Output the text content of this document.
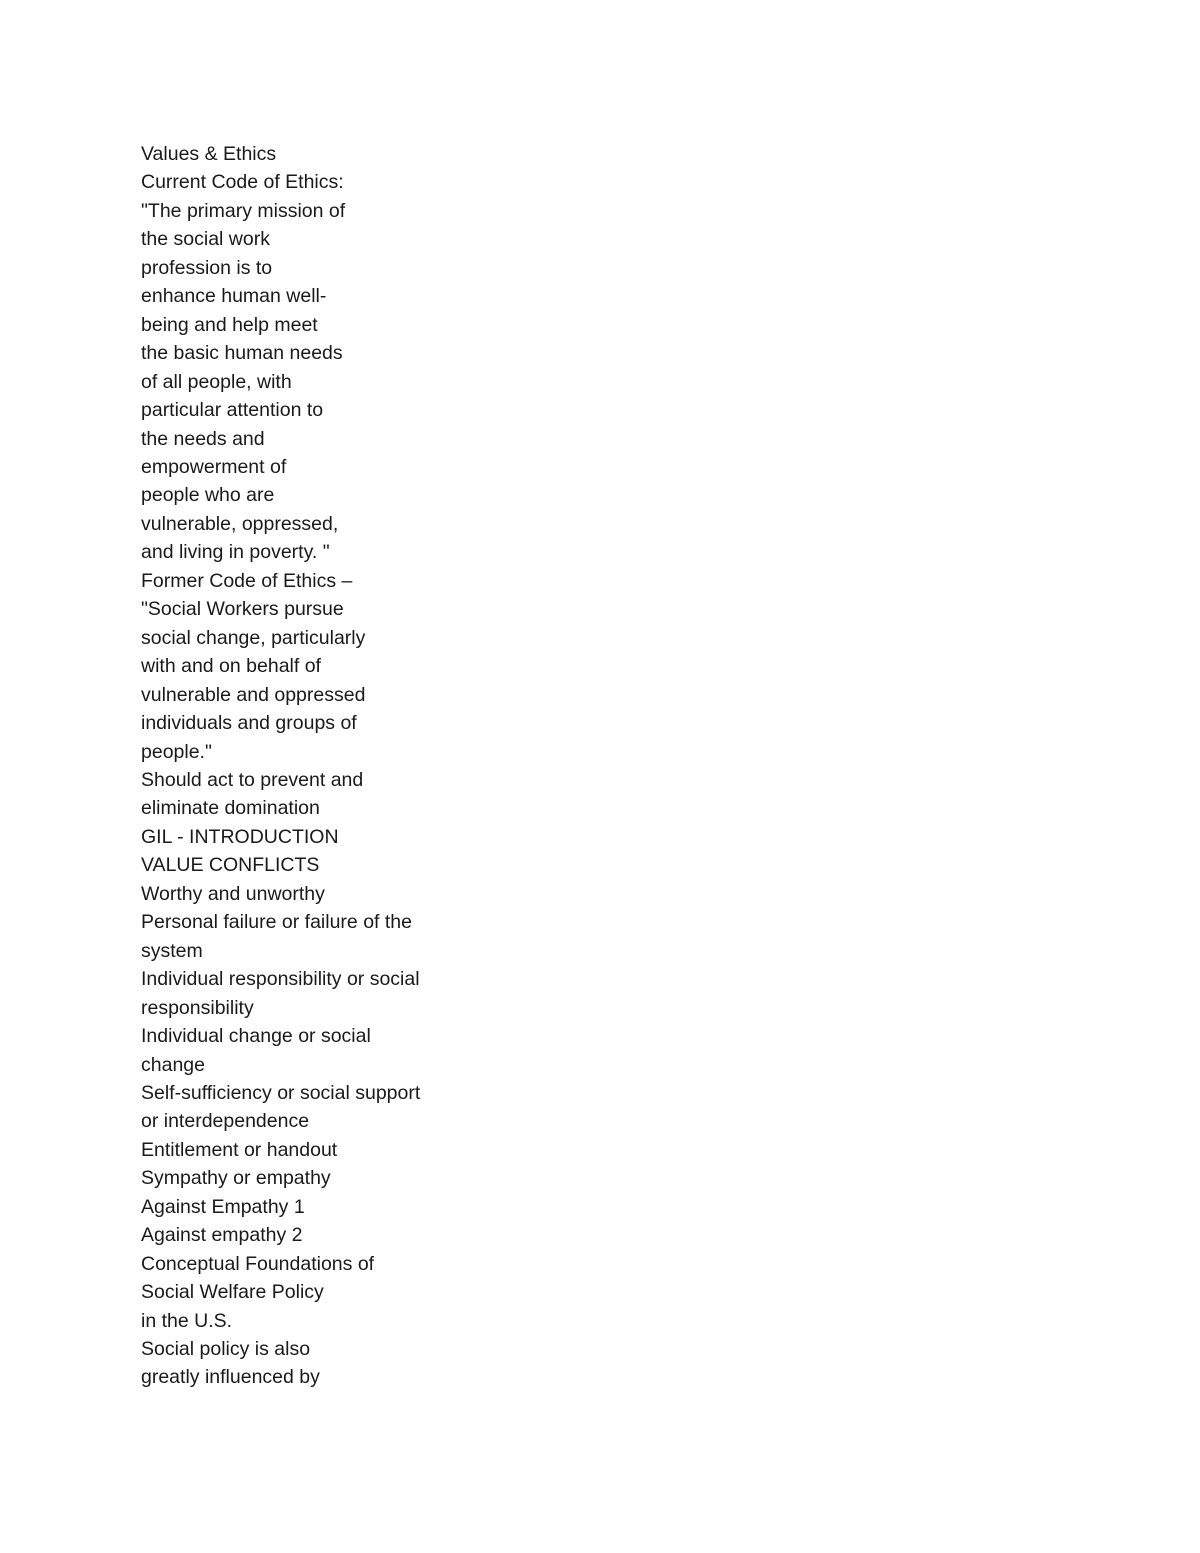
Values & Ethics
Current Code of Ethics:
"The primary mission of
the social work
profession is to
enhance human well-
being and help meet
the basic human needs
of all people, with
particular attention to
the needs and
empowerment of
people who are
vulnerable, oppressed,
and living in poverty. "
Former Code of Ethics –
"Social Workers pursue
social change, particularly
with and on behalf of
vulnerable and oppressed
individuals and groups of
people."
Should act to prevent and
eliminate domination
GIL - INTRODUCTION
VALUE CONFLICTS
Worthy and unworthy
Personal failure or failure of the
system
Individual responsibility or social
responsibility
Individual change or social
change
Self-sufficiency or social support
or interdependence
Entitlement or handout
Sympathy or empathy
Against Empathy 1
Against empathy 2
Conceptual Foundations of
Social Welfare Policy
in the U.S.
Social policy is also
greatly influenced by
